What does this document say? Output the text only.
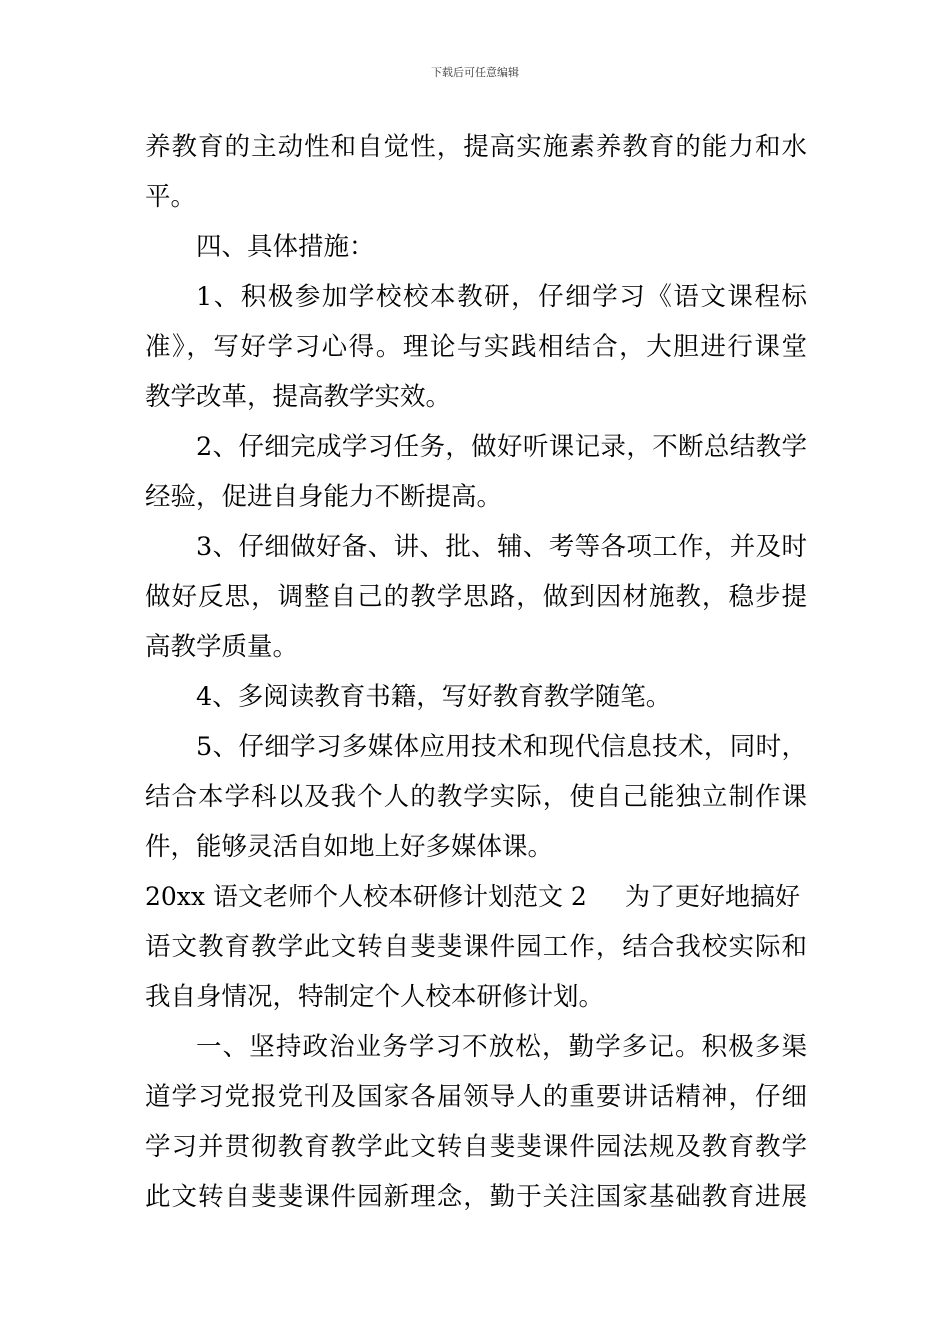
下载后可任意编辑
养教育的主动性和自觉性，提高实施素养教育的能力和水
平。
四、具体措施：
1、积极参加学校校本教研，仔细学习《语文课程标
准》，写好学习心得。理论与实践相结合，大胆进行课堂
教学改革，提高教学实效。
2、仔细完成学习任务，做好听课记录，不断总结教学
经验，促进自身能力不断提高。
3、仔细做好备、讲、批、辅、考等各项工作，并及时
做好反思，调整自己的教学思路，做到因材施教，稳步提
高教学质量。
4、多阅读教育书籍，写好教育教学随笔。
5、仔细学习多媒体应用技术和现代信息技术，同时，
结合本学科以及我个人的教学实际，使自己能独立制作课
件，能够灵活自如地上好多媒体课。
20xx 语文老师个人校本研修计划范文 2 为了更好地搞好
语文教育教学此文转自斐斐课件园工作，结合我校实际和
我自身情况，特制定个人校本研修计划。
一、坚持政治业务学习不放松，勤学多记。积极多渠
道学习党报党刊及国家各届领导人的重要讲话精神，仔细
学习并贯彻教育教学此文转自斐斐课件园法规及教育教学
此文转自斐斐课件园新理念，勤于关注国家基础教育进展
